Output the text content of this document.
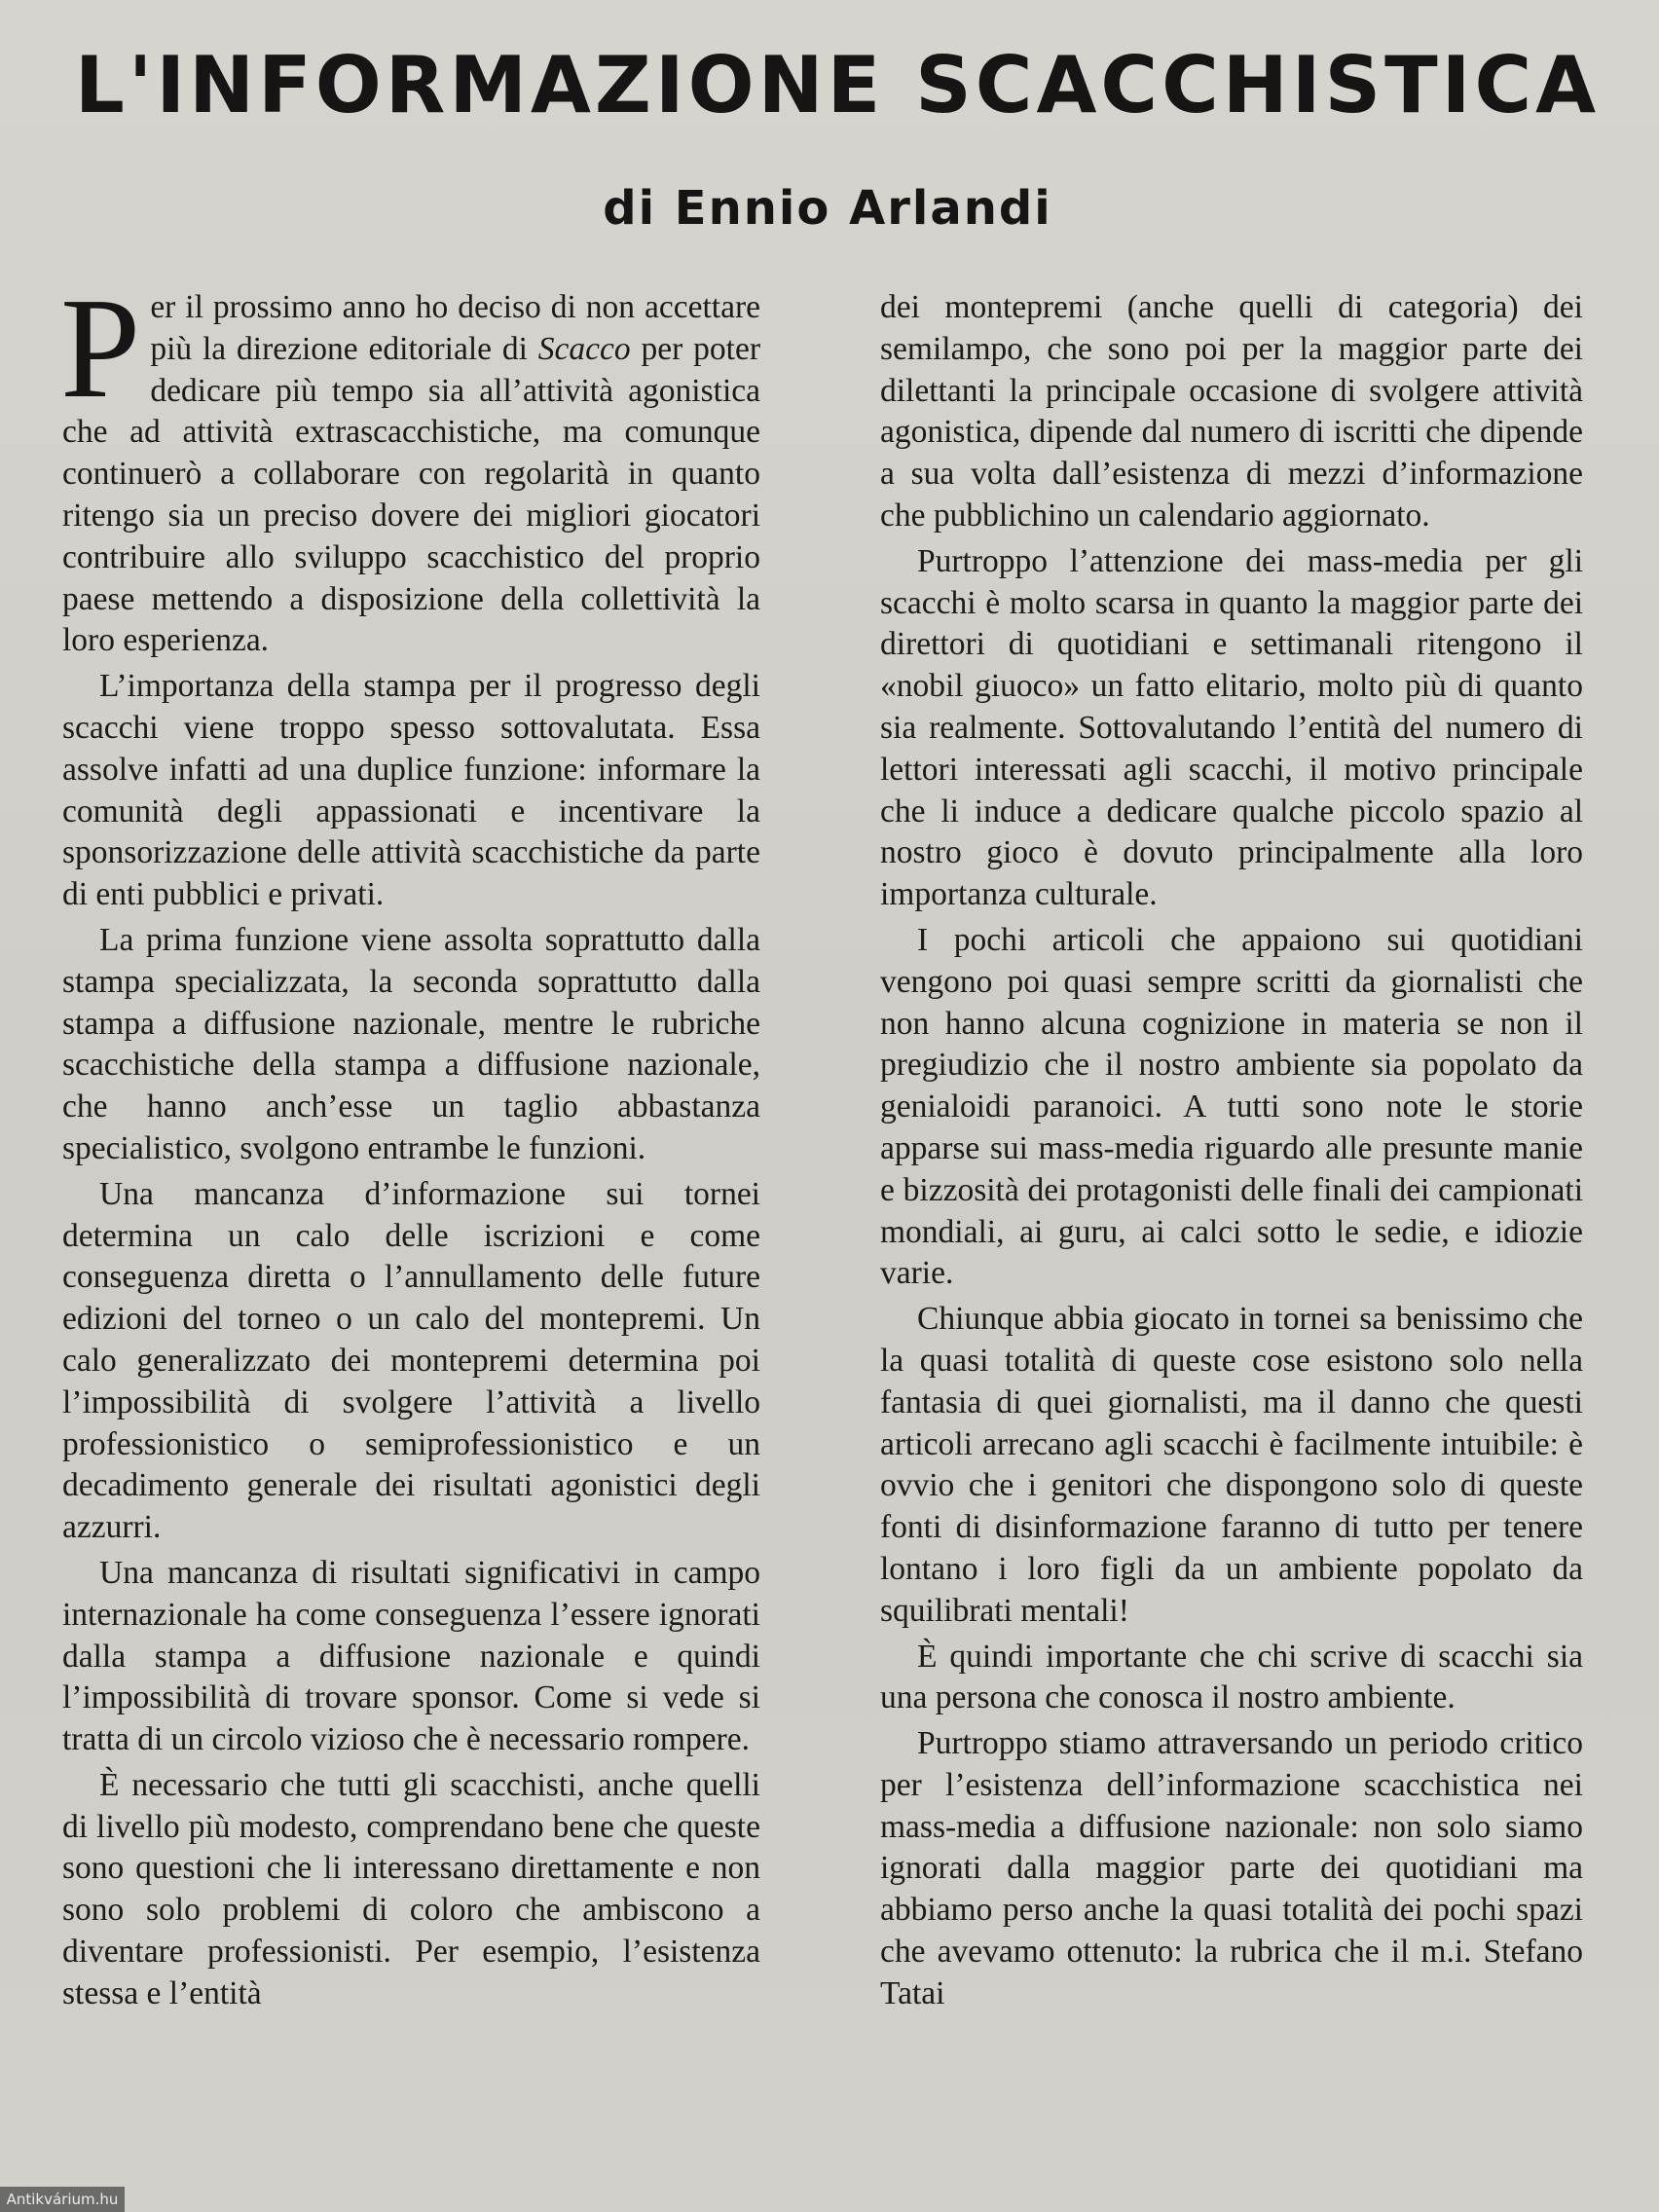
L'INFORMAZIONE SCACCHISTICA
di Ennio Arlandi

Per il prossimo anno ho deciso di non accettare più la direzione editoriale di Scacco per poter dedicare più tempo sia all’attività agonistica che ad attività extrascacchistiche, ma comunque continuerò a collaborare con regolarità in quanto ritengo sia un preciso dovere dei migliori giocatori contribuire allo sviluppo scacchistico del proprio paese mettendo a disposizione della collettività la loro esperienza.

L’importanza della stampa per il progresso degli scacchi viene troppo spesso sottovalutata. Essa assolve infatti ad una duplice funzione: informare la comunità degli appassionati e incentivare la sponsorizzazione delle attività scacchistiche da parte di enti pubblici e privati.

La prima funzione viene assolta soprattutto dalla stampa specializzata, la seconda soprattutto dalla stampa a diffusione nazionale, mentre le rubriche scacchistiche della stampa a diffusione nazionale, che hanno anch’esse un taglio abbastanza specialistico, svolgono entrambe le funzioni.

Una mancanza d’informazione sui tornei determina un calo delle iscrizioni e come conseguenza diretta o l’annullamento delle future edizioni del torneo o un calo del montepremi. Un calo generalizzato dei montepremi determina poi l’impossibilità di svolgere l’attività a livello professionistico o semiprofessionistico e un decadimento generale dei risultati agonistici degli azzurri.

Una mancanza di risultati significativi in campo internazionale ha come conseguenza l’essere ignorati dalla stampa a diffusione nazionale e quindi l’impossibilità di trovare sponsor. Come si vede si tratta di un circolo vizioso che è necessario rompere.

È necessario che tutti gli scacchisti, anche quelli di livello più modesto, comprendano bene che queste sono questioni che li interessano direttamente e non sono solo problemi di coloro che ambiscono a diventare professionisti. Per esempio, l’esistenza stessa e l’entità

dei montepremi (anche quelli di categoria) dei semilampo, che sono poi per la maggior parte dei dilettanti la principale occasione di svolgere attività agonistica, dipende dal numero di iscritti che dipende a sua volta dall’esistenza di mezzi d’informazione che pubblichino un calendario aggiornato.

Purtroppo l’attenzione dei mass-media per gli scacchi è molto scarsa in quanto la maggior parte dei direttori di quotidiani e settimanali ritengono il «nobil giuoco» un fatto elitario, molto più di quanto sia realmente. Sottovalutando l’entità del numero di lettori interessati agli scacchi, il motivo principale che li induce a dedicare qualche piccolo spazio al nostro gioco è dovuto principalmente alla loro importanza culturale.

I pochi articoli che appaiono sui quotidiani vengono poi quasi sempre scritti da giornalisti che non hanno alcuna cognizione in materia se non il pregiudizio che il nostro ambiente sia popolato da genialoidi paranoici. A tutti sono note le storie apparse sui mass-media riguardo alle presunte manie e bizzosità dei protagonisti delle finali dei campionati mondiali, ai guru, ai calci sotto le sedie, e idiozie varie.

Chiunque abbia giocato in tornei sa benissimo che la quasi totalità di queste cose esistono solo nella fantasia di quei giornalisti, ma il danno che questi articoli arrecano agli scacchi è facilmente intuibile: è ovvio che i genitori che dispongono solo di queste fonti di disinformazione faranno di tutto per tenere lontano i loro figli da un ambiente popolato da squilibrati mentali!

È quindi importante che chi scrive di scacchi sia una persona che conosca il nostro ambiente.

Purtroppo stiamo attraversando un periodo critico per l’esistenza dell’informazione scacchistica nei mass-media a diffusione nazionale: non solo siamo ignorati dalla maggior parte dei quotidiani ma abbiamo perso anche la quasi totalità dei pochi spazi che avevamo ottenuto: la rubrica che il m.i. Stefano Tatai

Antikvárium.hu
